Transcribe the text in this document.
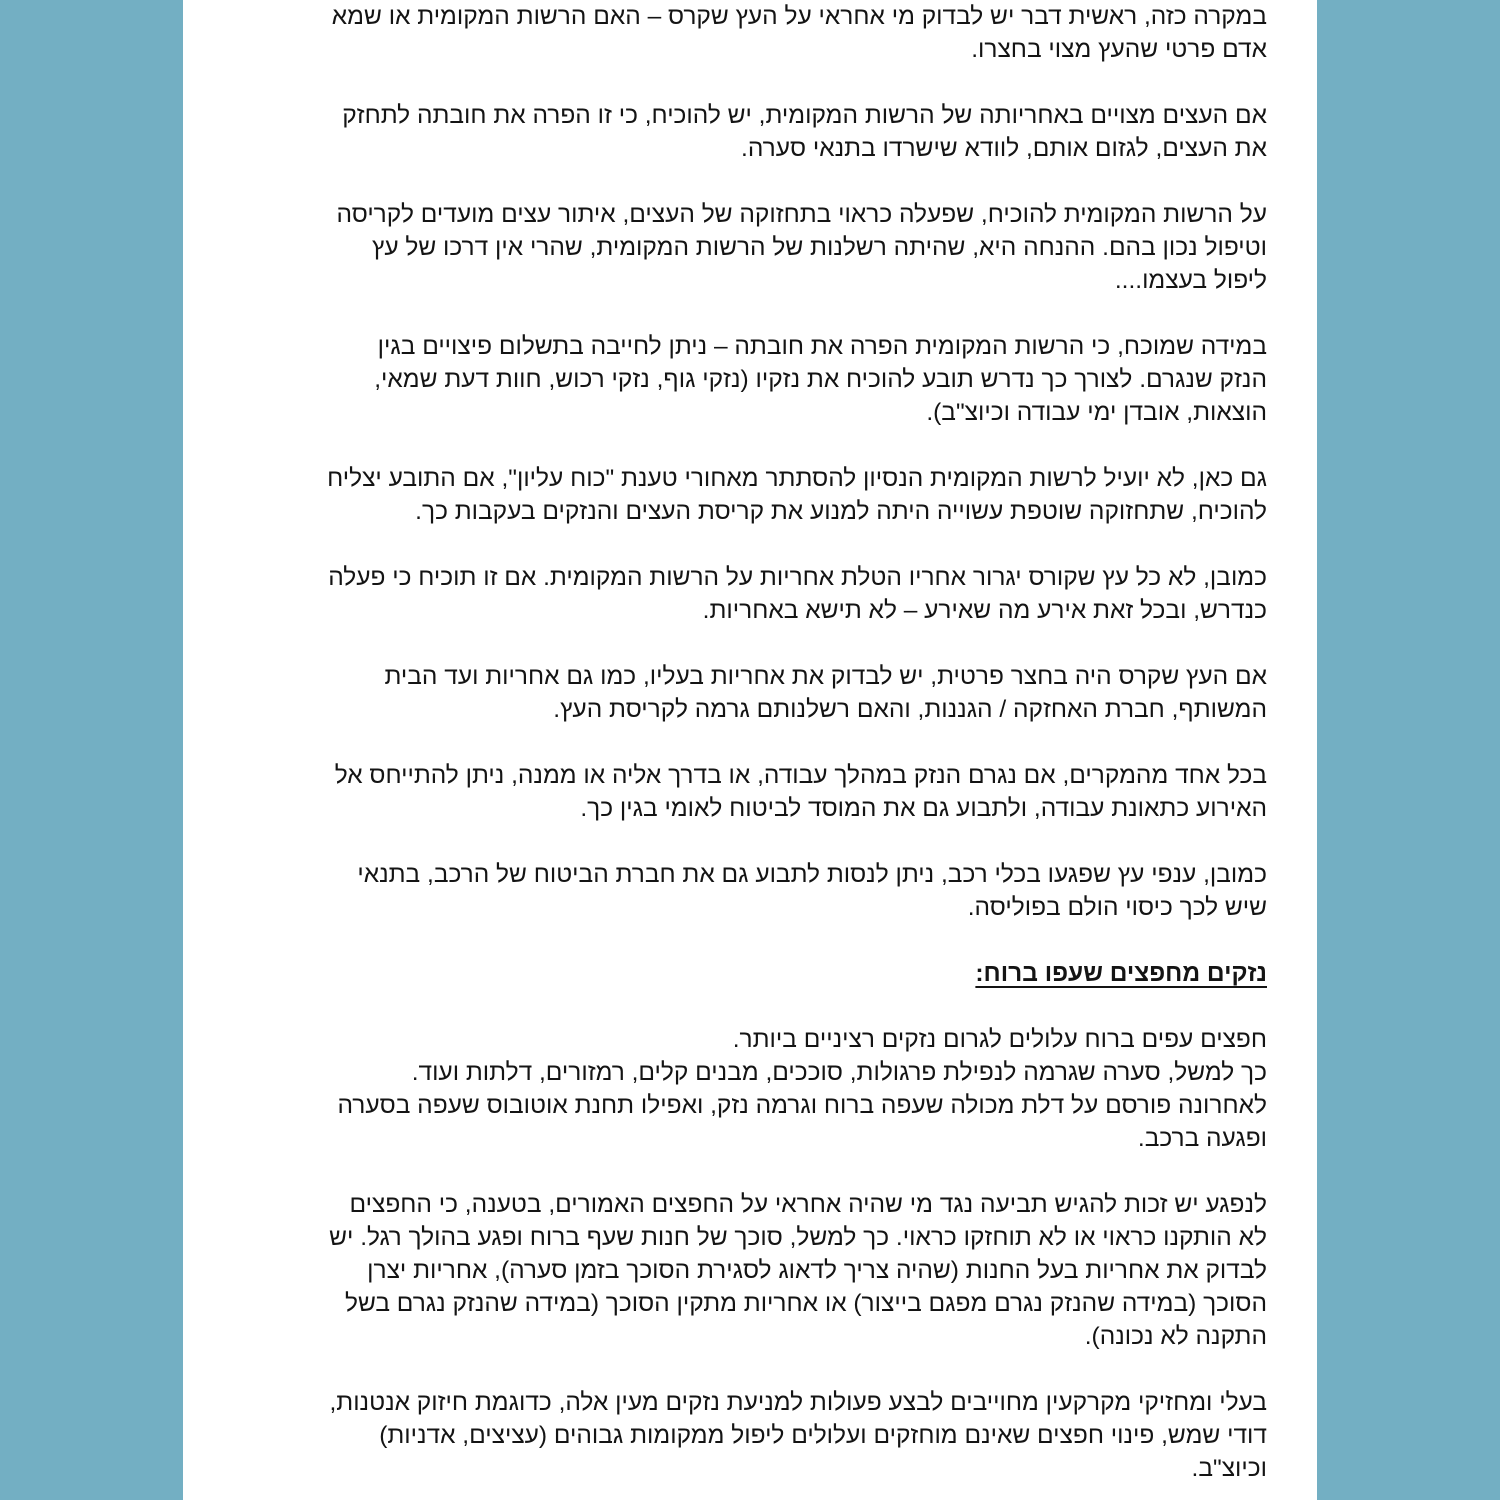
במקרה כזה, ראשית דבר יש לבדוק מי אחראי על העץ שקרס – האם הרשות המקומית או שמא
אדם פרטי שהעץ מצוי בחצרו.
אם העצים מצויים באחריותה של הרשות המקומית, יש להוכיח, כי זו הפרה את חובתה לתחזק
את העצים, לגזום אותם, לוודא שישרדו בתנאי סערה.
על הרשות המקומית להוכיח, שפעלה כראוי בתחזוקה של העצים, איתור עצים מועדים לקריסה
וטיפול נכון בהם. ההנחה היא, שהיתה רשלנות של הרשות המקומית, שהרי אין דרכו של עץ
ליפול בעצמו....
במידה שמוכח, כי הרשות המקומית הפרה את חובתה – ניתן לחייבה בתשלום פיצויים בגין
הנזק שנגרם. לצורך כך נדרש תובע להוכיח את נזקיו (נזקי גוף, נזקי רכוש, חוות דעת שמאי,
הוצאות, אובדן ימי עבודה וכיוצ"ב).
גם כאן, לא יועיל לרשות המקומית הנסיון להסתתר מאחורי טענת "כוח עליון", אם התובע יצליח
להוכיח, שתחזוקה שוטפת עשוייה היתה למנוע את קריסת העצים והנזקים בעקבות כך.
כמובן, לא כל עץ שקורס יגרור אחריו הטלת אחריות על הרשות המקומית. אם זו תוכיח כי פעלה
כנדרש, ובכל זאת אירע מה שאירע – לא תישא באחריות.
אם העץ שקרס היה בחצר פרטית, יש לבדוק את אחריות בעליו, כמו גם אחריות ועד הבית
המשותף, חברת האחזקה / הגננות, והאם רשלנותם גרמה לקריסת העץ.
בכל אחד מהמקרים, אם נגרם הנזק במהלך עבודה, או בדרך אליה או ממנה, ניתן להתייחס אל
האירוע כתאונת עבודה, ולתבוע גם את המוסד לביטוח לאומי בגין כך.
כמובן, ענפי עץ שפגעו בכלי רכב, ניתן לנסות לתבוע גם את חברת הביטוח של הרכב, בתנאי
שיש לכך כיסוי הולם בפוליסה.
נזקים מחפצים שעפו ברוח:
חפצים עפים ברוח עלולים לגרום נזקים רציניים ביותר.
כך למשל, סערה שגרמה לנפילת פרגולות, סוככים, מבנים קלים, רמזורים, דלתות ועוד.
לאחרונה פורסם על דלת מכולה שעפה ברוח וגרמה נזק, ואפילו תחנת אוטובוס שעפה בסערה
ופגעה ברכב.
לנפגע יש זכות להגיש תביעה נגד מי שהיה אחראי על החפצים האמורים, בטענה, כי החפצים
לא הותקנו כראוי או לא תוחזקו כראוי. כך למשל, סוכך של חנות שעף ברוח ופגע בהולך רגל. יש
לבדוק את אחריות בעל החנות (שהיה צריך לדאוג לסגירת הסוכך בזמן סערה), אחריות יצרן
הסוכך (במידה שהנזק נגרם מפגם בייצור) או אחריות מתקין הסוכך (במידה שהנזק נגרם בשל
התקנה לא נכונה).
בעלי ומחזיקי מקרקעין מחוייבים לבצע פעולות למניעת נזקים מעין אלה, כדוגמת חיזוק אנטנות,
דודי שמש, פינוי חפצים שאינם מוחזקים ועלולים ליפול ממקומות גבוהים (עציצים, אדניות)
וכיוצ"ב.
